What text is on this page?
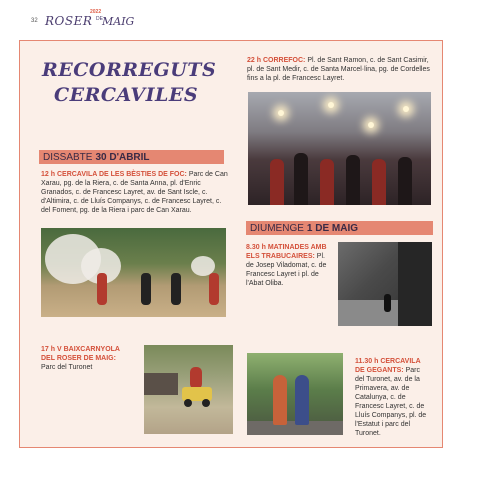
32 ROSER
2022
DE MAIG
RECORREGUTS
CERCAVILES

22 h CORREFOC: Pl. de Sant Ramon, c. de Sant Casimir, pl. de Sant Medir, c. de Santa Marcel·lina, pg. de Cordelles fins a la pl. de Francesc Layret.

DISSABTE 30 D'ABRIL

12 h CERCAVILA DE LES BÈSTIES DE FOC: Parc de Can Xarau, pg. de la Riera, c. de Santa Anna, pl. d'Enric Granados, c. de Francesc Layret, av. de Sant Iscle, c. d'Altimira, c. de Lluís Companys, c. de Francesc Layret, c. del Foment, pg. de la Riera i parc de Can Xarau.

DIUMENGE 1 DE MAIG

8.30 h MATINADES AMB ELS TRABUCAIRES: Pl. de Josep Viladomat, c. de Francesc Layret i pl. de l'Abat Oliba.

17 h V BAIXCARNYOLA DEL ROSER DE MAIG: Parc del Turonet

11.30 h CERCAVILA DE GEGANTS: Parc del Turonet, av. de la Primavera, av. de Catalunya, c. de Francesc Layret, c. de Lluís Companys, pl. de l'Estatut i parc del Turonet.
